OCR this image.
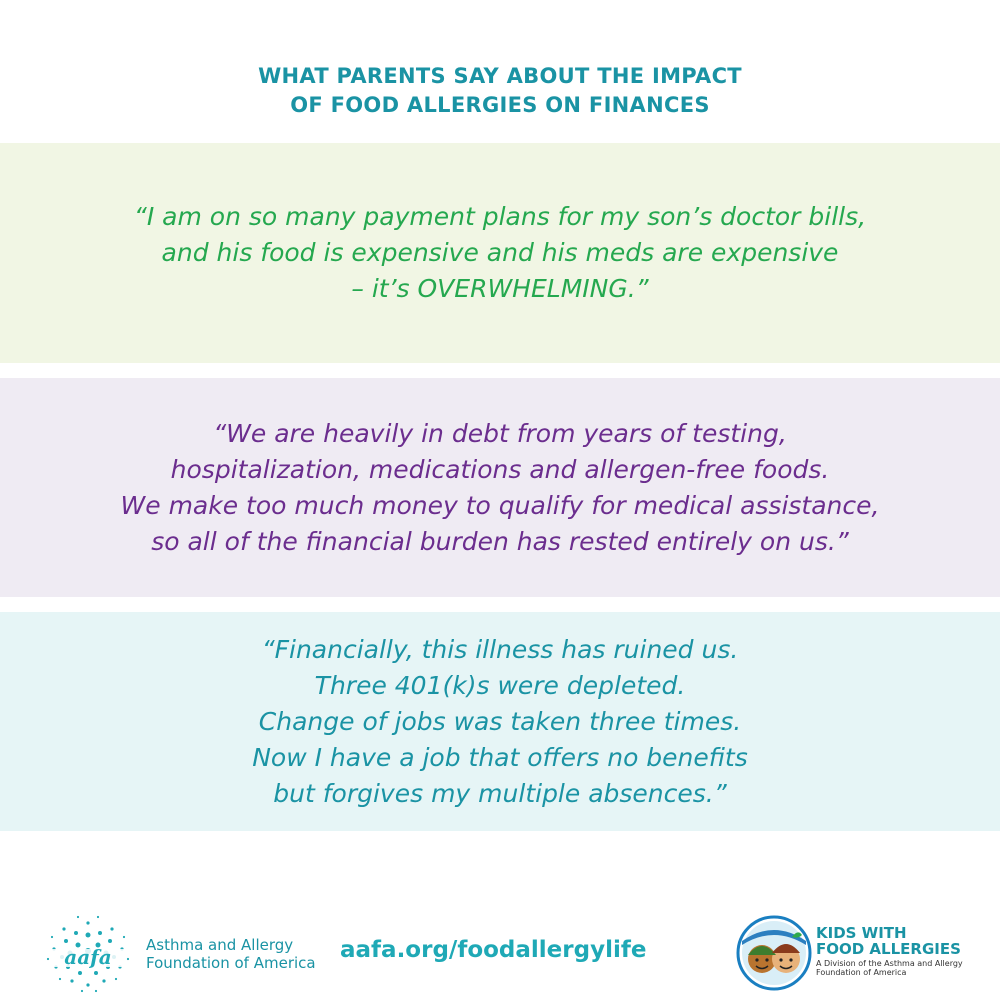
WHAT PARENTS SAY ABOUT THE IMPACT
OF FOOD ALLERGIES ON FINANCES
“I am on so many payment plans for my son’s doctor bills,
and his food is expensive and his meds are expensive
– it’s OVERWHELMING.”
“We are heavily in debt from years of testing,
hospitalization, medications and allergen-free foods.
We make too much money to qualify for medical assistance,
so all of the financial burden has rested entirely on us.”
“Financially, this illness has ruined us.
Three 401(k)s were depleted.
Change of jobs was taken three times.
Now I have a job that offers no benefits
but forgives my multiple absences.”
aafa Asthma and Allergy
Foundation of America aafa.org/foodallergylife
KIDS WITH
FOOD ALLERGIES
A Division of the Asthma and Allergy
Foundation of America
